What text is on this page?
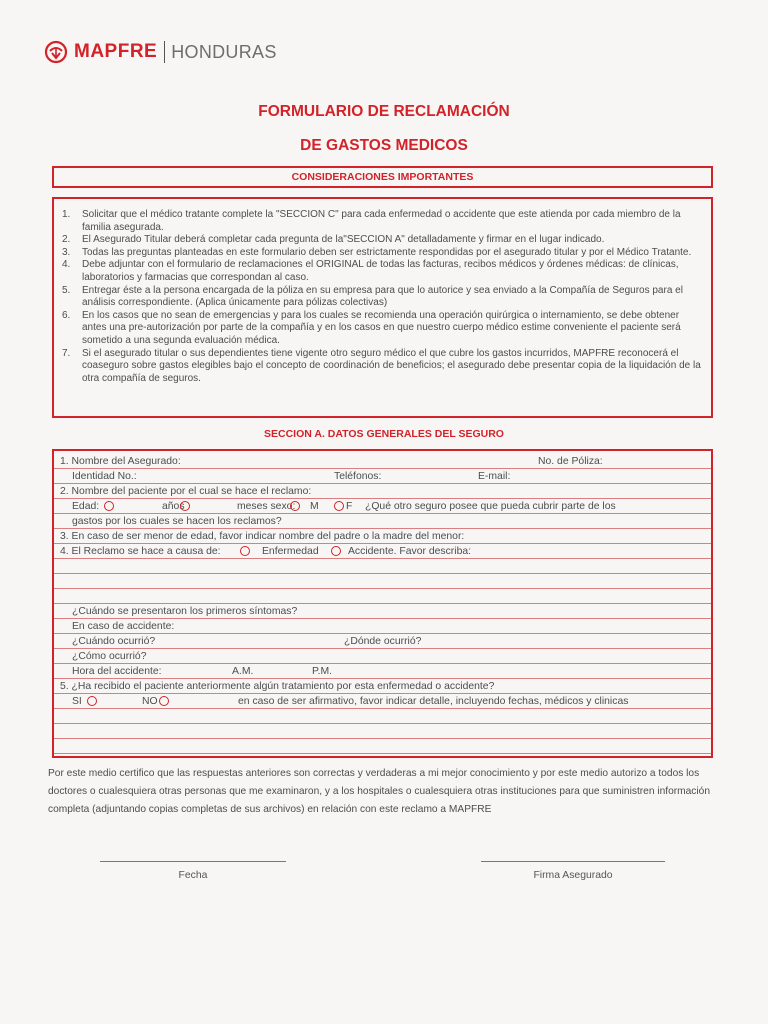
MAPFRE HONDURAS
FORMULARIO DE RECLAMACIÓN
DE GASTOS MEDICOS
CONSIDERACIONES IMPORTANTES
1. Solicitar que el médico tratante complete la "SECCION C" para cada enfermedad o accidente que este atienda por cada miembro de la familia asegurada.
2. El Asegurado Titular deberá completar cada pregunta de la"SECCION A" detalladamente y firmar en el lugar indicado.
3. Todas las preguntas planteadas en este formulario deben ser estrictamente respondidas por el asegurado titular y por el Médico Tratante.
4. Debe adjuntar con el formulario de reclamaciones el ORIGINAL de todas las facturas, recibos médicos y órdenes médicas: de clínicas, laboratorios y farmacias que correspondan al caso.
5. Entregar éste a la persona encargada de la póliza en su empresa para que lo autorice y sea enviado a la Compañía de Seguros para el análisis correspondiente. (Aplica únicamente para pólizas colectivas)
6. En los casos que no sean de emergencias y para los cuales se recomienda una operación quirúrgica o internamiento, se debe obtener antes una pre-autorización por parte de la compañía y en los casos en que nuestro cuerpo médico estime conveniente el paciente será sometido a una segunda evaluación médica.
7. Si el asegurado titular o sus dependientes tiene vigente otro seguro médico el que cubre los gastos incurridos, MAPFRE reconocerá el coaseguro sobre gastos elegibles bajo el concepto de coordinación de beneficios; el asegurado debe presentar copia de la liquidación de la otra compañía de seguros.
SECCION A. DATOS GENERALES DEL SEGURO
1. Nombre del Asegurado:	No. de Póliza:
Identidad No.:	Teléfonos:	E-mail:
2. Nombre del paciente por el cual se hace el reclamo:
Edad:	años	meses sexo: M	F ¿Qué otro seguro posee que pueda cubrir parte de los
gastos por los cuales se hacen los reclamos?
3. En caso de ser menor de edad, favor indicar nombre del padre o la madre del menor:
4. El Reclamo se hace a causa de:	Enfermedad	Accidente. Favor describa:
¿Cuándo se presentaron los primeros síntomas?
En caso de accidente:
¿Cuándo ocurrió?	¿Dónde ocurrió?
¿Cómo ocurrió?
Hora del accidente:	A.M.	P.M.
5. ¿Ha recibido el paciente anteriormente algún tratamiento por esta enfermedad o accidente?
SI	NO	en caso de ser afirmativo, favor indicar detalle, incluyendo fechas, médicos y clinicas
Por este medio certifico que las respuestas anteriores son correctas y verdaderas a mi mejor conocimiento y por este medio autorizo a todos los doctores o cualesquiera otras personas que me examinaron, y a los hospitales o cualesquiera otras instituciones para que suministren información completa (adjuntando copias completas de sus archivos) en relación con este reclamo a MAPFRE
Fecha	Firma Asegurado
